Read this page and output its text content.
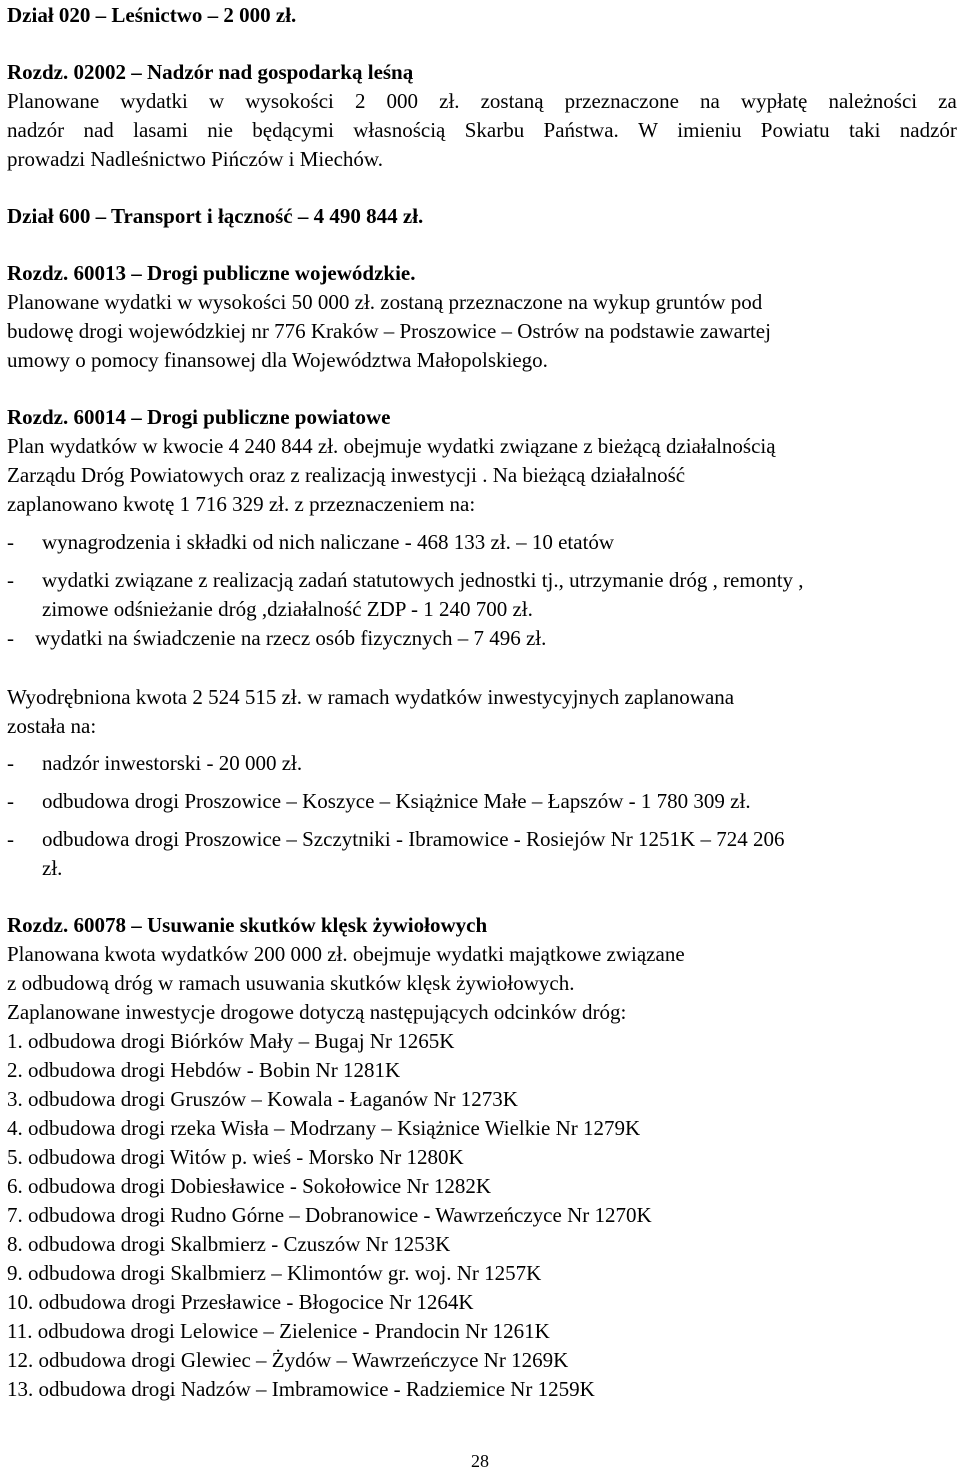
Dział 020 – Leśnictwo – 2 000 zł.
Rozdz. 02002 – Nadzór nad gospodarką leśną
Planowane wydatki w wysokości 2 000 zł. zostaną przeznaczone na wypłatę należności za
nadzór nad lasami nie będącymi własnością Skarbu Państwa. W imieniu Powiatu taki nadzór
prowadzi Nadleśnictwo Pińczów i Miechów.
Dział 600 – Transport i łączność – 4 490 844 zł.
Rozdz. 60013 – Drogi publiczne wojewódzkie.
Planowane wydatki w wysokości 50 000 zł. zostaną przeznaczone na wykup gruntów pod
budowę drogi wojewódzkiej nr 776 Kraków – Proszowice – Ostrów na podstawie zawartej
umowy o pomocy finansowej dla Województwa Małopolskiego.
Rozdz. 60014 – Drogi publiczne powiatowe
Plan wydatków w kwocie 4 240 844 zł. obejmuje wydatki związane z bieżącą działalnością
Zarządu Dróg Powiatowych oraz z realizacją inwestycji . Na bieżącą działalność
zaplanowano kwotę 1 716 329 zł. z przeznaczeniem na:
- wynagrodzenia i składki od nich naliczane - 468 133 zł. – 10 etatów
- wydatki związane z realizacją zadań statutowych jednostki tj., utrzymanie dróg , remonty ,
zimowe odśnieżanie dróg ,działalność ZDP - 1 240 700 zł.
- wydatki na świadczenie na rzecz osób fizycznych – 7 496 zł.
Wyodrębniona kwota 2 524 515 zł. w ramach wydatków inwestycyjnych zaplanowana
została na:
- nadzór inwestorski - 20 000 zł.
- odbudowa drogi Proszowice – Koszyce – Książnice Małe – Łapszów - 1 780 309 zł.
- odbudowa drogi Proszowice – Szczytniki - Ibramowice - Rosiejów Nr 1251K – 724 206
zł.
Rozdz. 60078 – Usuwanie skutków klęsk żywiołowych
Planowana kwota wydatków 200 000 zł. obejmuje wydatki majątkowe związane
z odbudową dróg w ramach usuwania skutków klęsk żywiołowych.
Zaplanowane inwestycje drogowe dotyczą następujących odcinków dróg:
1. odbudowa drogi Biórków Mały – Bugaj Nr 1265K
2. odbudowa drogi Hebdów - Bobin Nr 1281K
3. odbudowa drogi Gruszów – Kowala - Łaganów Nr 1273K
4. odbudowa drogi rzeka Wisła – Modrzany – Książnice Wielkie Nr 1279K
5. odbudowa drogi Witów p. wieś - Morsko Nr 1280K
6. odbudowa drogi Dobiesławice - Sokołowice Nr 1282K
7. odbudowa drogi Rudno Górne – Dobranowice - Wawrzeńczyce Nr 1270K
8. odbudowa drogi Skalbmierz - Czuszów Nr 1253K
9. odbudowa drogi Skalbmierz – Klimontów gr. woj. Nr 1257K
10. odbudowa drogi Przesławice - Błogocice Nr 1264K
11. odbudowa drogi Lelowice – Zielenice - Prandocin Nr 1261K
12. odbudowa drogi Glewiec – Żydów – Wawrzeńczyce Nr 1269K
13. odbudowa drogi Nadzów – Imbramowice - Radziemice Nr 1259K
28
